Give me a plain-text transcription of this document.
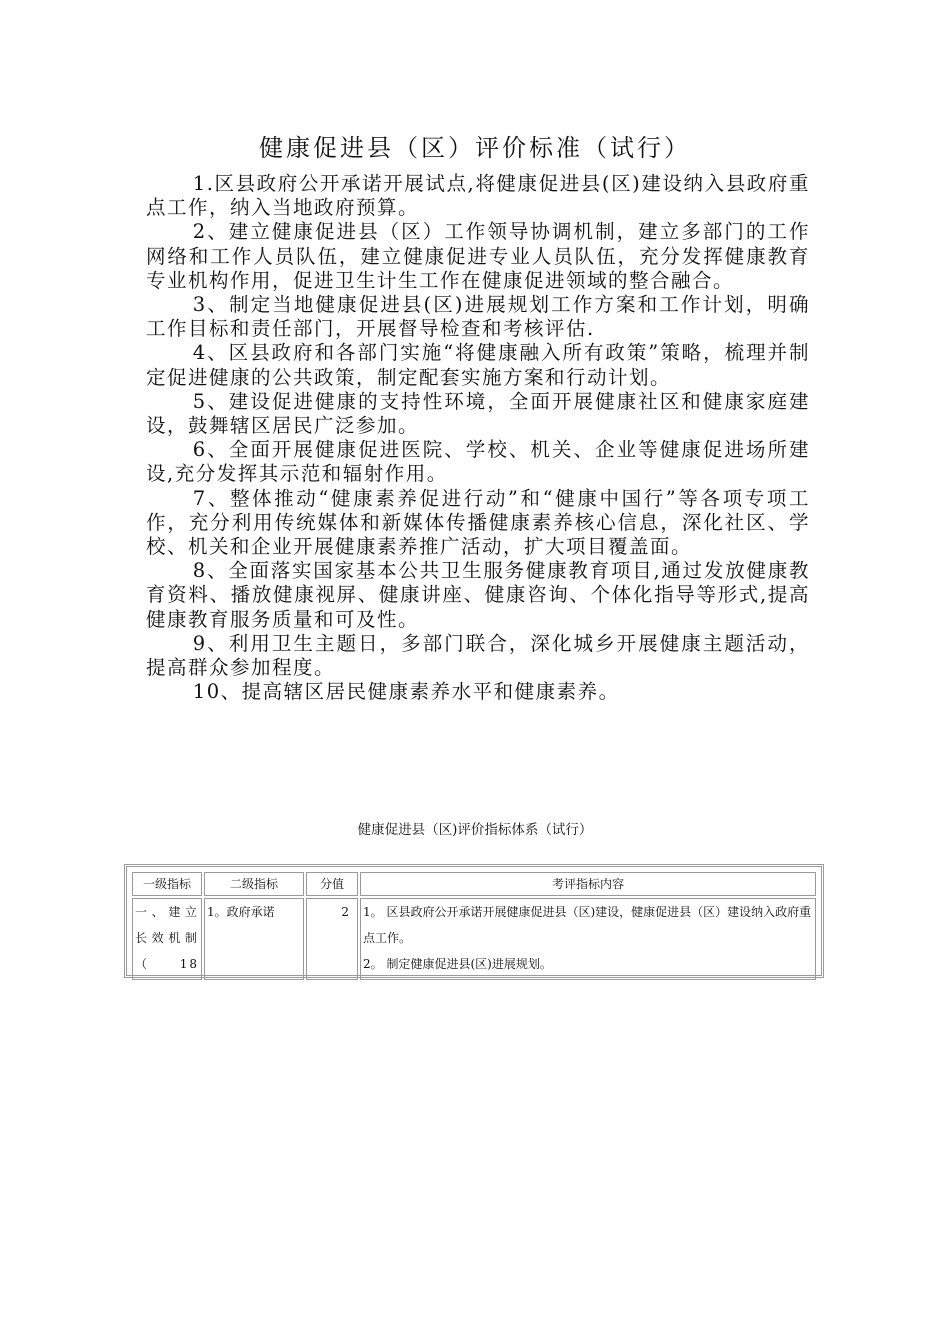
健康促进县（区）评价标准（试行）

1.区县政府公开承诺开展试点,将健康促进县(区)建设纳入县政府重点工作，纳入当地政府预算。

2、建立健康促进县（区）工作领导协调机制，建立多部门的工作网络和工作人员队伍，建立健康促进专业人员队伍，充分发挥健康教育专业机构作用，促进卫生计生工作在健康促进领域的整合融合。

3、制定当地健康促进县(区)进展规划工作方案和工作计划，明确工作目标和责任部门，开展督导检查和考核评估.

4、区县政府和各部门实施“将健康融入所有政策”策略，梳理并制定促进健康的公共政策，制定配套实施方案和行动计划。

5、建设促进健康的支持性环境，全面开展健康社区和健康家庭建设，鼓舞辖区居民广泛参加。

6、全面开展健康促进医院、学校、机关、企业等健康促进场所建设,充分发挥其示范和辐射作用。

7、整体推动“健康素养促进行动”和“健康中国行”等各项专项工作，充分利用传统媒体和新媒体传播健康素养核心信息，深化社区、学校、机关和企业开展健康素养推广活动，扩大项目覆盖面。

8、全面落实国家基本公共卫生服务健康教育项目,通过发放健康教育资料、播放健康视屏、健康讲座、健康咨询、个体化指导等形式,提高健康教育服务质量和可及性。

9、利用卫生主题日，多部门联合，深化城乡开展健康主题活动，提高群众参加程度。

10、提高辖区居民健康素养水平和健康素养。

健康促进县（区)评价指标体系（试行）
一级指标	二级指标	分值	考评指标内容
一、建立长效机制（18	1。政府承诺	2	1。 区县政府公开承诺开展健康促进县（区)建设，健康促进县（区）建设纳入政府重点工作。
2。 制定健康促进县(区)进展规划。
